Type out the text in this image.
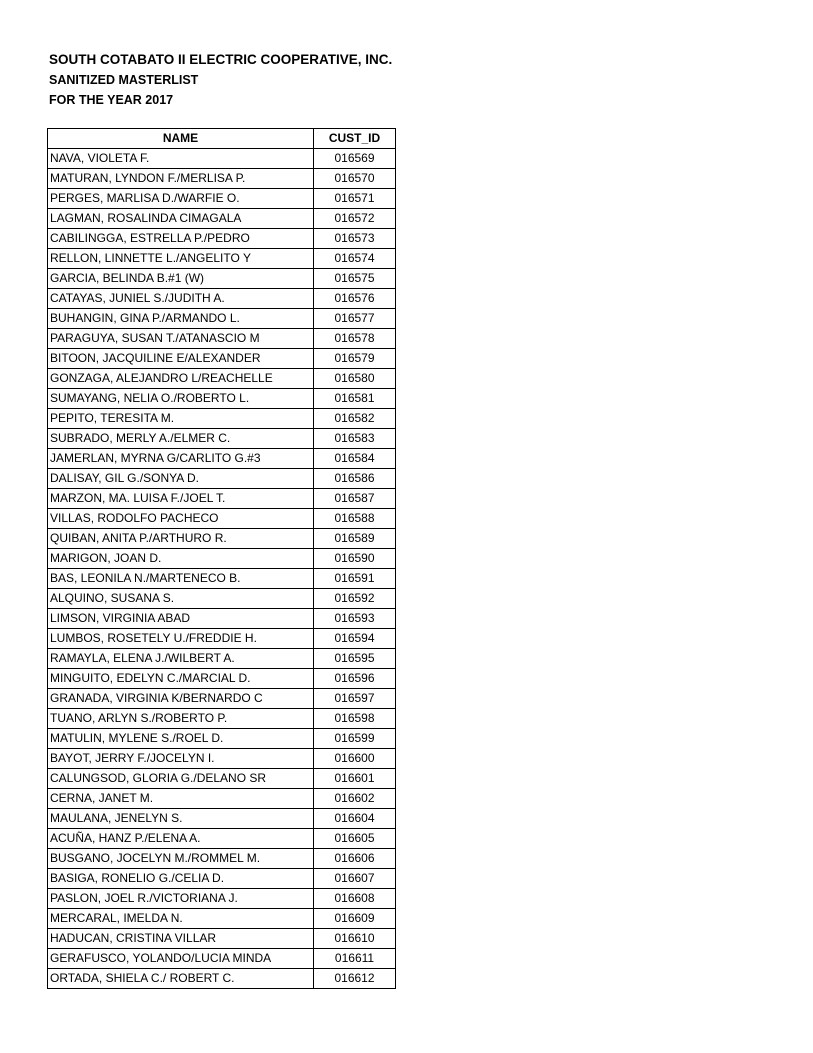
SOUTH COTABATO II ELECTRIC COOPERATIVE, INC.
SANITIZED MASTERLIST
FOR THE YEAR 2017
NAME	CUST_ID
NAVA, VIOLETA F.	016569
MATURAN, LYNDON F./MERLISA P.	016570
PERGES, MARLISA D./WARFIE O.	016571
LAGMAN, ROSALINDA CIMAGALA	016572
CABILINGGA, ESTRELLA P./PEDRO	016573
RELLON, LINNETTE L./ANGELITO Y	016574
GARCIA, BELINDA B.#1 (W)	016575
CATAYAS, JUNIEL S./JUDITH A.	016576
BUHANGIN, GINA P./ARMANDO L.	016577
PARAGUYA, SUSAN T./ATANASCIO M	016578
BITOON, JACQUILINE E/ALEXANDER	016579
GONZAGA, ALEJANDRO L/REACHELLE	016580
SUMAYANG, NELIA O./ROBERTO L.	016581
PEPITO, TERESITA M.	016582
SUBRADO, MERLY A./ELMER C.	016583
JAMERLAN, MYRNA G/CARLITO G.#3	016584
DALISAY, GIL G./SONYA D.	016586
MARZON, MA. LUISA F./JOEL T.	016587
VILLAS, RODOLFO PACHECO	016588
QUIBAN, ANITA P./ARTHURO R.	016589
MARIGON, JOAN D.	016590
BAS, LEONILA N./MARTENECO B.	016591
ALQUINO, SUSANA S.	016592
LIMSON, VIRGINIA ABAD	016593
LUMBOS, ROSETELY U./FREDDIE H.	016594
RAMAYLA, ELENA J./WILBERT A.	016595
MINGUITO, EDELYN C./MARCIAL D.	016596
GRANADA, VIRGINIA K/BERNARDO C	016597
TUANO, ARLYN S./ROBERTO P.	016598
MATULIN, MYLENE S./ROEL D.	016599
BAYOT, JERRY F./JOCELYN I.	016600
CALUNGSOD, GLORIA G./DELANO SR	016601
CERNA, JANET M.	016602
MAULANA, JENELYN S.	016604
ACUÑA, HANZ P./ELENA A.	016605
BUSGANO, JOCELYN M./ROMMEL M.	016606
BASIGA, RONELIO G./CELIA D.	016607
PASLON, JOEL R./VICTORIANA J.	016608
MERCARAL, IMELDA N.	016609
HADUCAN, CRISTINA VILLAR	016610
GERAFUSCO, YOLANDO/LUCIA MINDA	016611
ORTADA, SHIELA C./ ROBERT C.	016612
